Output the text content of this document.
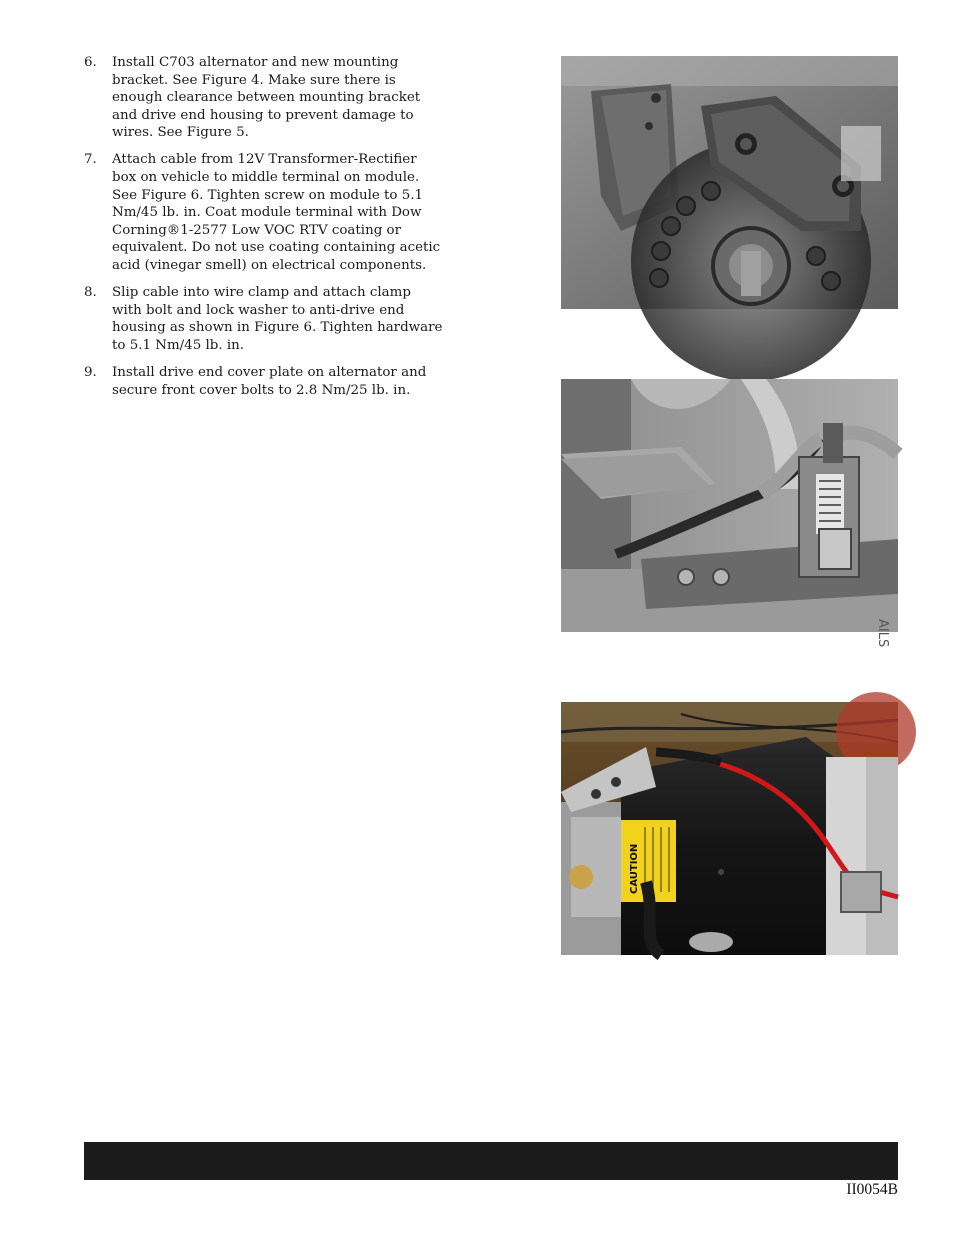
6.	Install C703 alternator and new mounting bracket. See Figure 4. Make sure there is enough clearance between mounting bracket and drive end housing to prevent damage to wires. See Figure 5.
7.	Attach cable from 12V Transformer-Rectifier box on vehicle to middle terminal on module. See Figure 6. Tighten screw on module to 5.1 Nm/45 lb. in. Coat module terminal with Dow Corning®1-2577 Low VOC RTV coating or equivalent. Do not use coating containing acetic acid (vinegar smell) on electrical components.
8.	Slip cable into wire clamp and attach clamp with bolt and lock washer to anti-drive end housing as shown in Figure 6. Tighten hardware to 5.1 Nm/45 lb. in.
9.	Install drive end cover plate on alternator and secure front cover bolts to 2.8 Nm/25 lb. in.
AILS
CAUTION
II0054B
